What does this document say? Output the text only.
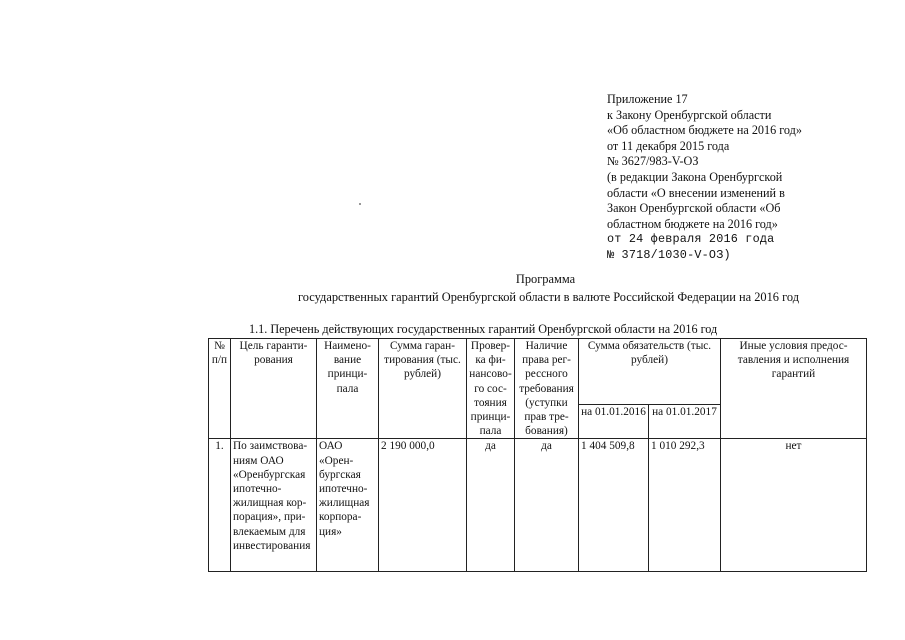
Приложение 17
к Закону Оренбургской области
«Об областном бюджете на 2016 год»
от 11 декабря 2015 года
№ 3627/983-V-ОЗ
(в редакции Закона Оренбургской
области «О внесении изменений в
Закон Оренбургской области «Об
областном бюджете на 2016 год»
от 24 февраля 2016 года
№ 3718/1030-V-ОЗ)
Программа
государственных гарантий Оренбургской области в валюте Российской Федерации на 2016 год
1.1. Перечень действующих государственных гарантий Оренбургской области на 2016 год
№ п/п	Цель гаранти-рования	Наимено-вание принци-пала	Сумма гаран-тирования (тыс. рублей)	Провер-ка фи-нансово-го сос-тояния принци-пала	Наличие права рег-рессного требования (уступки прав тре-бования)	Сумма обязательств (тыс. рублей)		Иные условия предос-тавления и исполнения гарантий
						на 01.01.2016	на 01.01.2017	
1.	По заимствова-ниям ОАО «Оренбургская ипотечно-жилищная кор-порация», при-влекаемым для инвестирования	ОАО «Орен-бургская ипотечно-жилищная корпора-ция»	2 190 000,0	да	да	1 404 509,8	1 010 292,3	нет
